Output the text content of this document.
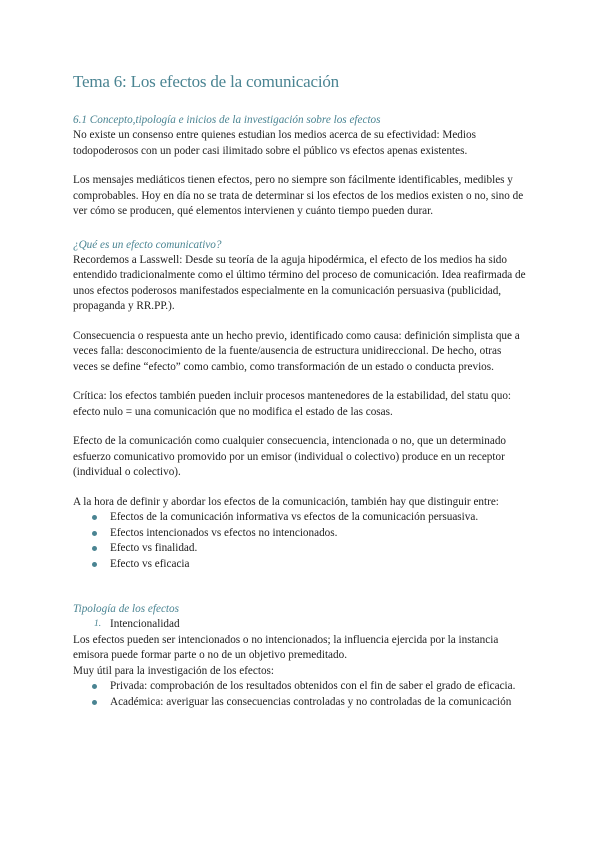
Tema 6: Los efectos de la comunicación
6.1 Concepto,tipología e inicios de la investigación sobre los efectos

No existe un consenso entre quienes estudian los medios acerca de su efectividad: Medios todopoderosos con un poder casi ilimitado sobre el público vs efectos apenas existentes.

Los mensajes mediáticos tienen efectos, pero no siempre son fácilmente identificables, medibles y comprobables. Hoy en día no se trata de determinar si los efectos de los medios existen o no, sino de ver cómo se producen, qué elementos intervienen y cuánto tiempo pueden durar.

¿Qué es un efecto comunicativo?

Recordemos a Lasswell: Desde su teoría de la aguja hipodérmica, el efecto de los medios ha sido entendido tradicionalmente como el último término del proceso de comunicación. Idea reafirmada de unos efectos poderosos manifestados especialmente en la comunicación persuasiva (publicidad, propaganda y RR.PP.).

Consecuencia o respuesta ante un hecho previo, identificado como causa: definición simplista que a veces falla: desconocimiento de la fuente/ausencia de estructura unidireccional. De hecho, otras veces se define “efecto” como cambio, como transformación de un estado o conducta previos.

Crítica: los efectos también pueden incluir procesos mantenedores de la estabilidad, del statu quo: efecto nulo = una comunicación que no modifica el estado de las cosas.

Efecto de la comunicación como cualquier consecuencia, intencionada o no, que un determinado esfuerzo comunicativo promovido por un emisor (individual o colectivo) produce en un receptor (individual o colectivo).

A la hora de definir y abordar los efectos de la comunicación, también hay que distinguir entre:

Efectos de la comunicación informativa vs efectos de la comunicación persuasiva.
Efectos intencionados vs efectos no intencionados.
Efecto vs finalidad.
Efecto vs eficacia
Tipología de los efectos
1. Intencionalidad

Los efectos pueden ser intencionados o no intencionados; la influencia ejercida por la instancia emisora puede formar parte o no de un objetivo premeditado.

Muy útil para la investigación de los efectos:

Privada: comprobación de los resultados obtenidos con el fin de saber el grado de eficacia.
Académica: averiguar las consecuencias controladas y no controladas de la comunicación
